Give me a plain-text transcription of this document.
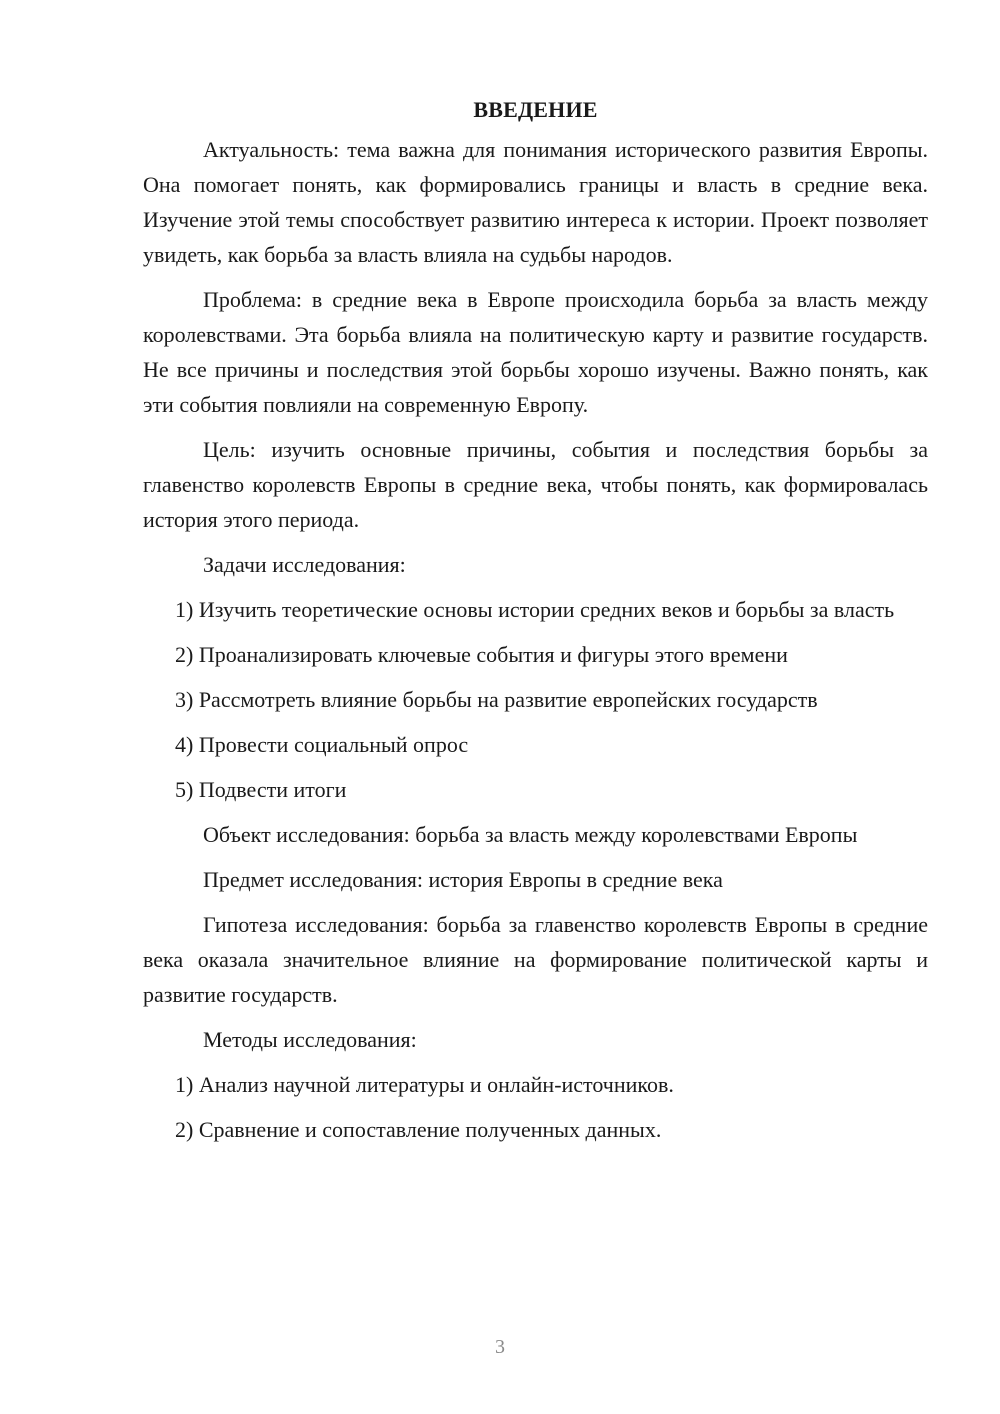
ВВЕДЕНИЕ

Актуальность: тема важна для понимания исторического развития Европы. Она помогает понять, как формировались границы и власть в средние века. Изучение этой темы способствует развитию интереса к истории. Проект позволяет увидеть, как борьба за власть влияла на судьбы народов.

Проблема: в средние века в Европе происходила борьба за власть между королевствами. Эта борьба влияла на политическую карту и развитие государств. Не все причины и последствия этой борьбы хорошо изучены. Важно понять, как эти события повлияли на современную Европу.

Цель: изучить основные причины, события и последствия борьбы за главенство королевств Европы в средние века, чтобы понять, как формировалась история этого периода.

Задачи исследования:

1) Изучить теоретические основы истории средних веков и борьбы за власть

2) Проанализировать ключевые события и фигуры этого времени

3) Рассмотреть влияние борьбы на развитие европейских государств

4) Провести социальный опрос

5) Подвести итоги

Объект исследования: борьба за власть между королевствами Европы

Предмет исследования: история Европы в средние века

Гипотеза исследования: борьба за главенство королевств Европы в средние века оказала значительное влияние на формирование политической карты и развитие государств.

Методы исследования:

1) Анализ научной литературы и онлайн-источников.

2) Сравнение и сопоставление полученных данных.

3
